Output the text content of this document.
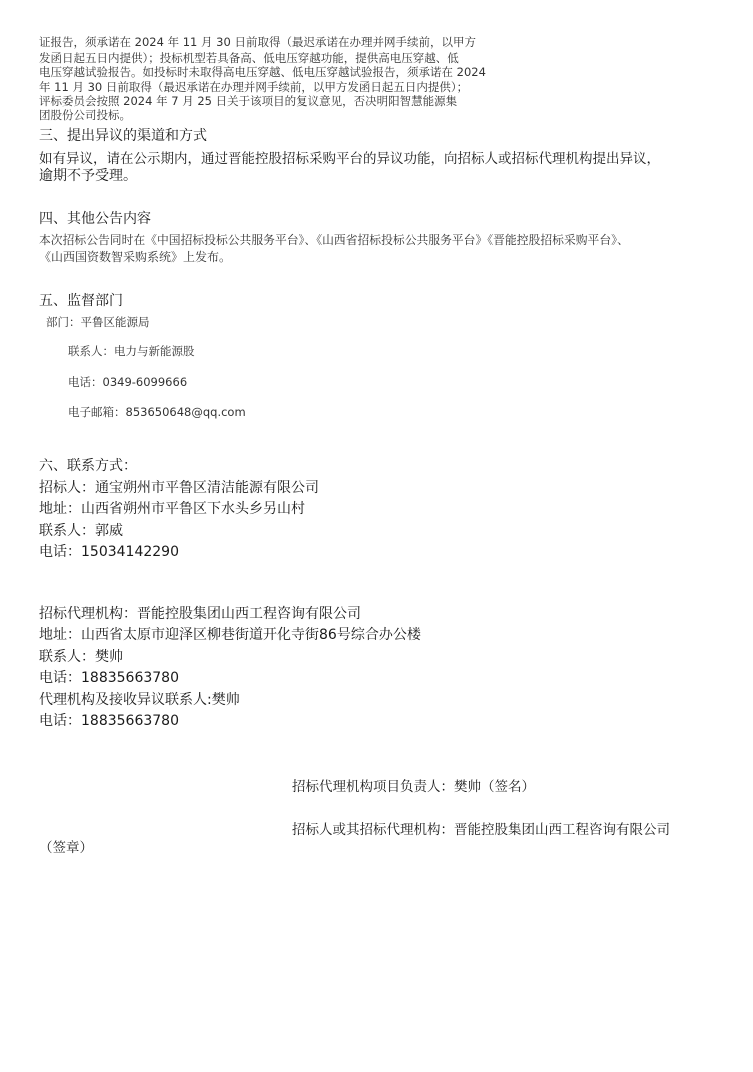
证报告，须承诺在 2024 年 11 月 30 日前取得（最迟承诺在办理并网手续前，以甲方
发函日起五日内提供）；投标机型若具备高、低电压穿越功能，提供高电压穿越、低
电压穿越试验报告。如投标时未取得高电压穿越、低电压穿越试验报告，须承诺在 2024
年 11 月 30 日前取得（最迟承诺在办理并网手续前，以甲方发函日起五日内提供）；
评标委员会按照 2024 年 7 月 25 日关于该项目的复议意见，否决明阳智慧能源集
团股份公司投标。
三、提出异议的渠道和方式
如有异议，请在公示期内，通过晋能控股招标采购平台的异议功能，向招标人或招标代理机构提出异议，
逾期不予受理。
四、其他公告内容
本次招标公告同时在《中国招标投标公共服务平台》、《山西省招标投标公共服务平台》《晋能控股招标采购平台》、
《山西国资数智采购系统》上发布。
五、监督部门
部门：平鲁区能源局
联系人：电力与新能源股
电话：0349-6099666
电子邮箱：853650648@qq.com
六、联系方式：
招标人：通宝朔州市平鲁区清洁能源有限公司
地址：山西省朔州市平鲁区下水头乡另山村
联系人：郭威
电话：15034142290
招标代理机构：晋能控股集团山西工程咨询有限公司
地址：山西省太原市迎泽区柳巷街道开化寺街86号综合办公楼
联系人：樊帅
电话：18835663780
代理机构及接收异议联系人:樊帅
电话：18835663780
招标代理机构项目负责人：樊帅（签名）
招标人或其招标代理机构：晋能控股集团山西工程咨询有限公司
（签章）
